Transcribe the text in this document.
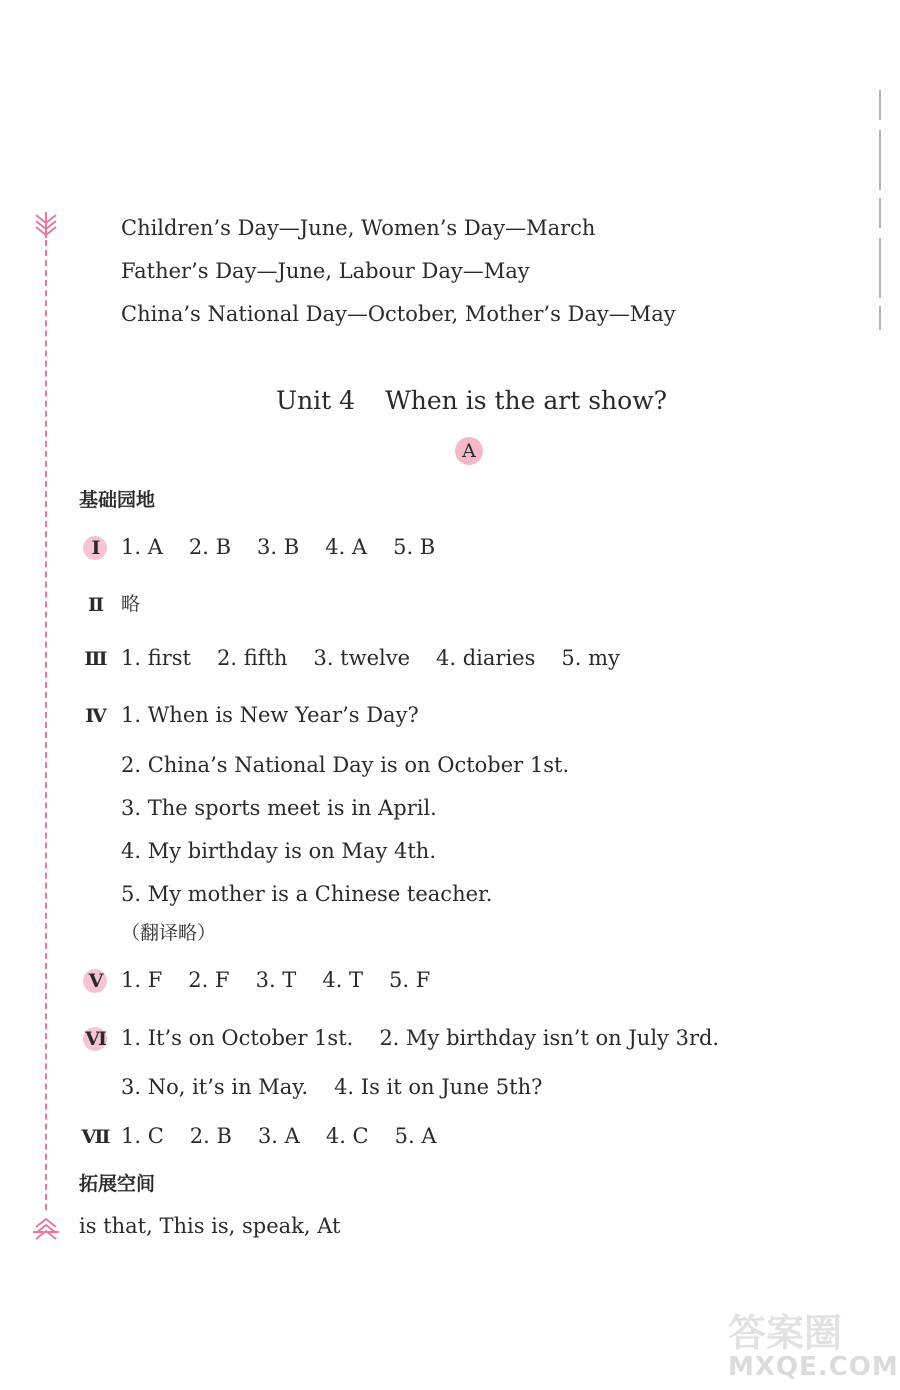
Children’s Day—June, Women’s Day—March
Father’s Day—June, Labour Day—May
China’s National Day—October, Mother’s Day—May
Unit 4 When is the art show?
A
基础园地
Ⅰ 1. A 2. B 3. B 4. A 5. B
Ⅱ 略
Ⅲ 1. first 2. fifth 3. twelve 4. diaries 5. my
Ⅳ 1. When is New Year’s Day?
2. China’s National Day is on October 1st.
3. The sports meet is in April.
4. My birthday is on May 4th.
5. My mother is a Chinese teacher.
（翻译略）
Ⅴ 1. F 2. F 3. T 4. T 5. F
Ⅵ 1. It’s on October 1st. 2. My birthday isn’t on July 3rd.
3. No, it’s in May. 4. Is it on June 5th?
Ⅶ 1. C 2. B 3. A 4. C 5. A
拓展空间
is that, This is, speak, At
答案圈
MXQE.COM
